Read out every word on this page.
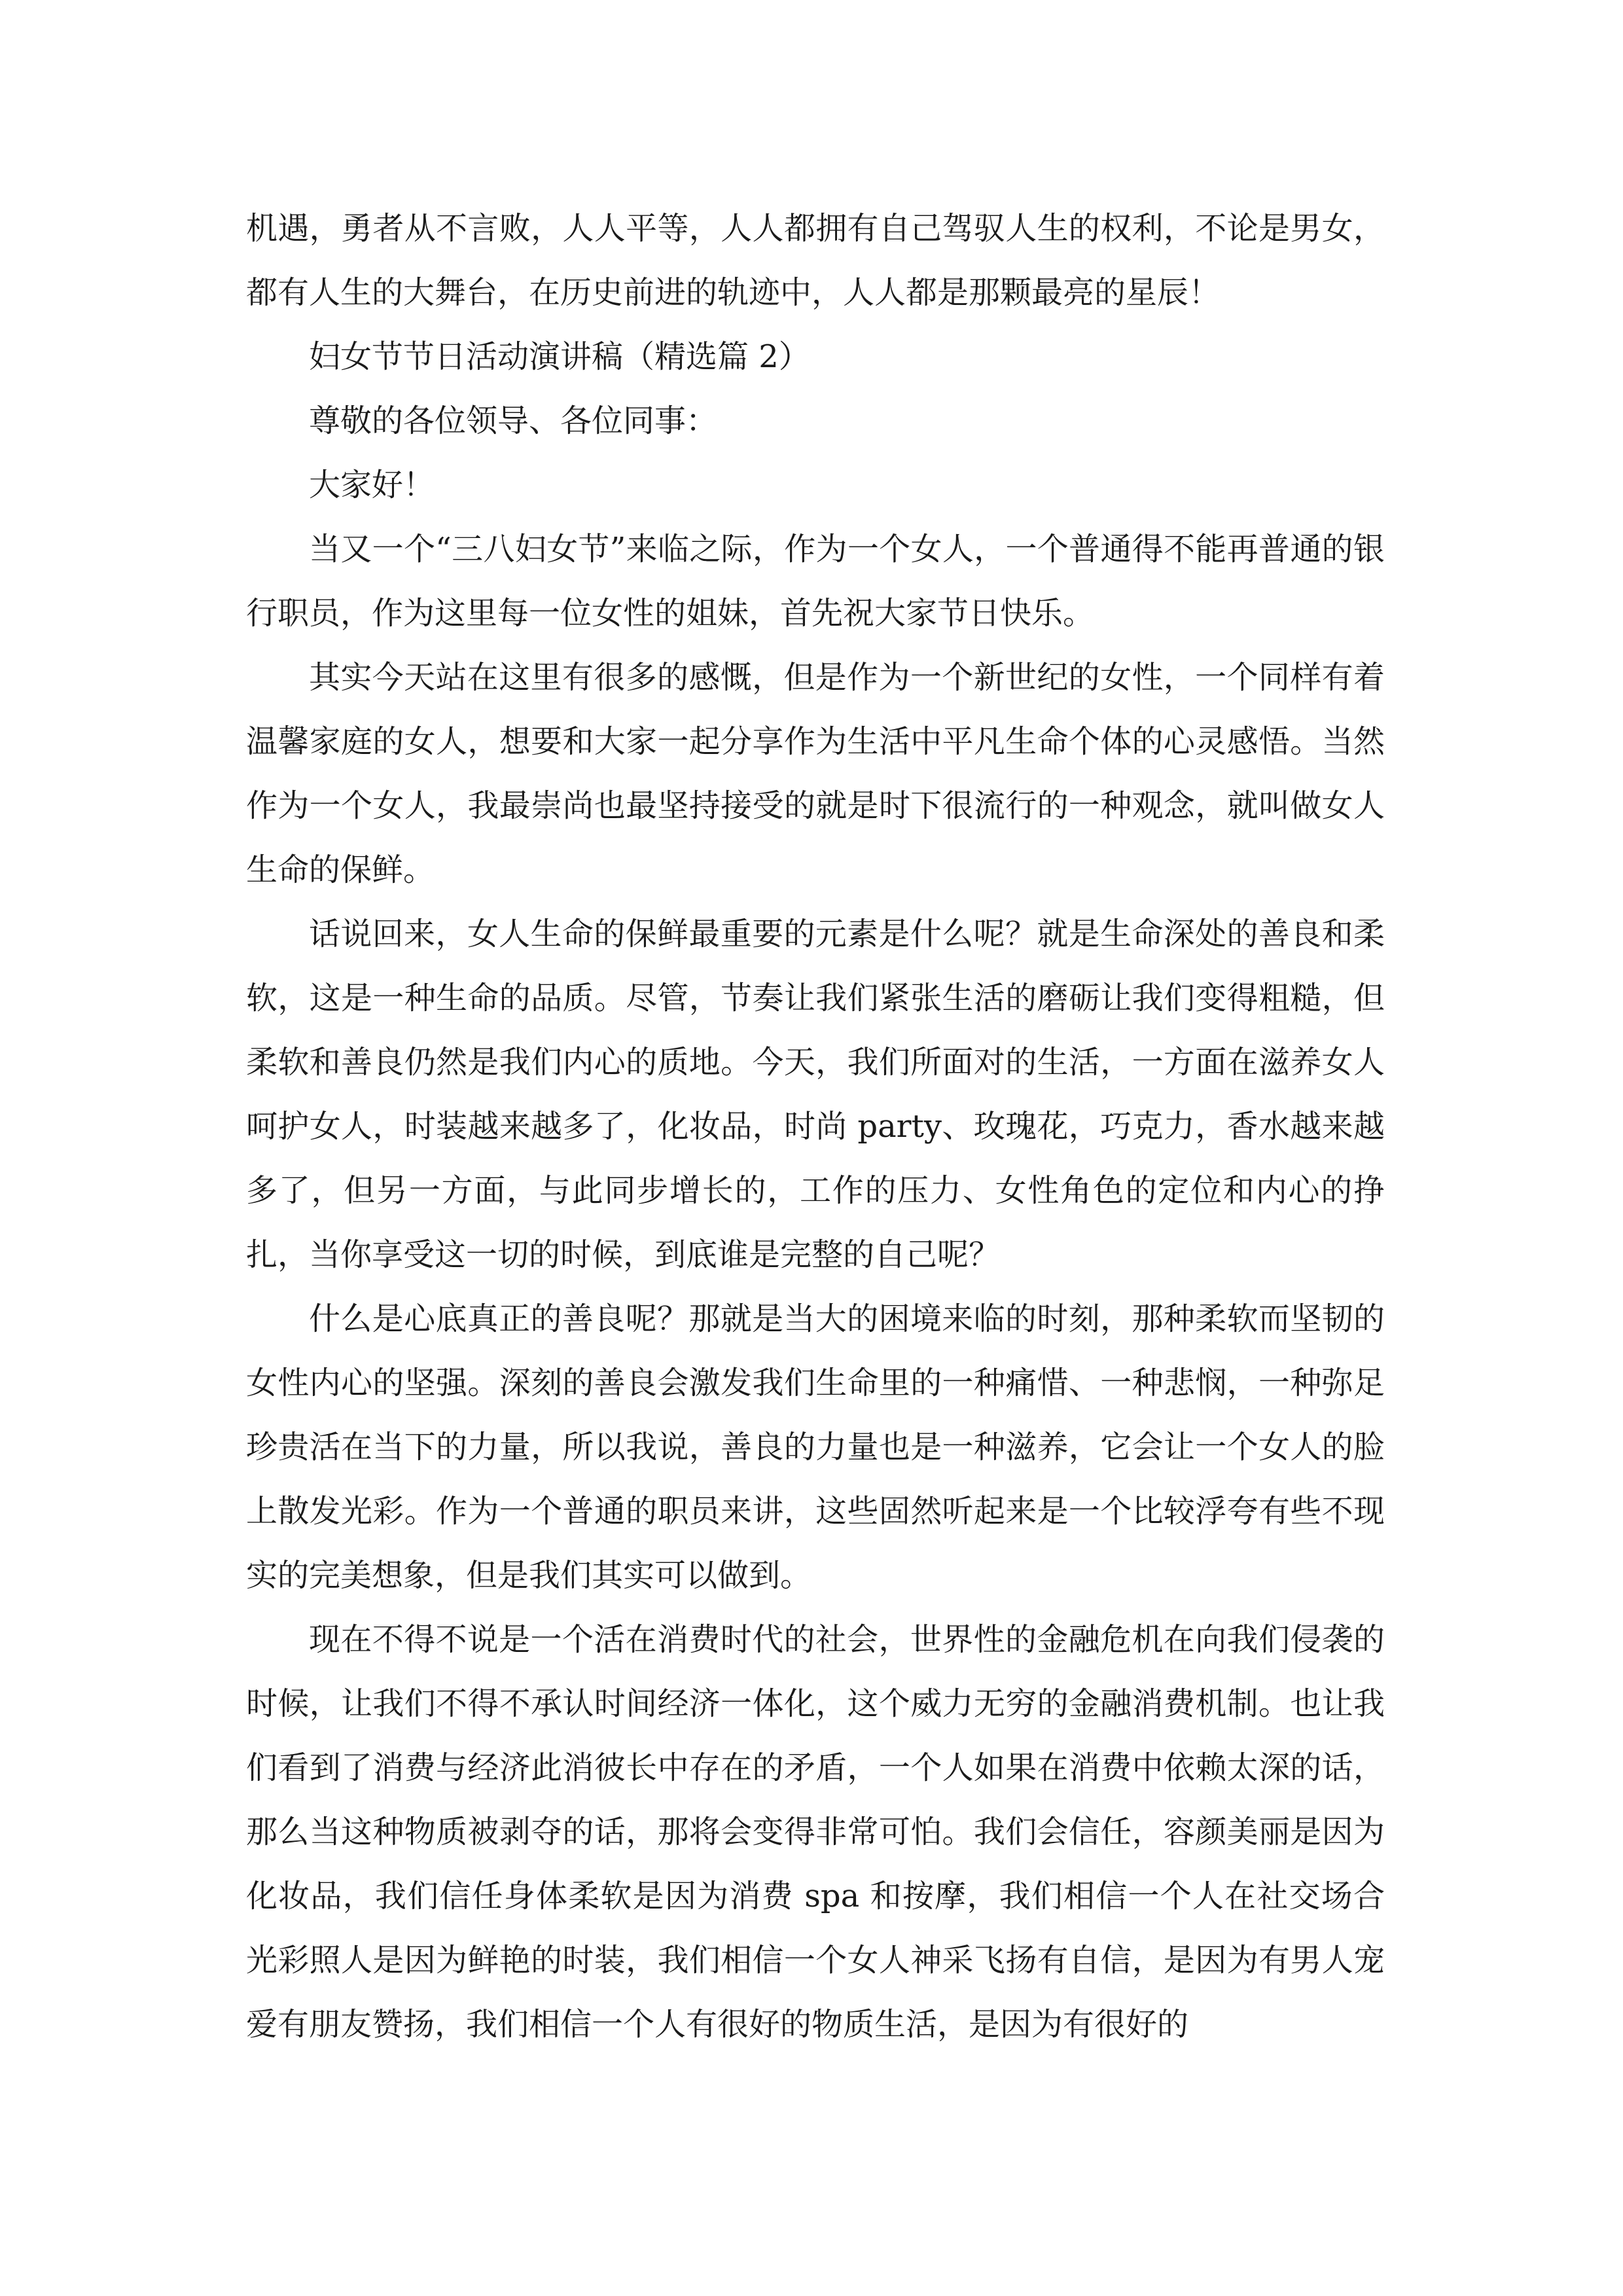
机遇，勇者从不言败，人人平等，人人都拥有自己驾驭人生的权利，不论是男女，都有人生的大舞台，在历史前进的轨迹中，人人都是那颗最亮的星辰！

妇女节节日活动演讲稿（精选篇 2）

尊敬的各位领导、各位同事：

大家好！

当又一个“三八妇女节”来临之际，作为一个女人，一个普通得不能再普通的银行职员，作为这里每一位女性的姐妹，首先祝大家节日快乐。

其实今天站在这里有很多的感慨，但是作为一个新世纪的女性，一个同样有着温馨家庭的女人，想要和大家一起分享作为生活中平凡生命个体的心灵感悟。当然作为一个女人，我最崇尚也最坚持接受的就是时下很流行的一种观念，就叫做女人生命的保鲜。

话说回来，女人生命的保鲜最重要的元素是什么呢？就是生命深处的善良和柔软，这是一种生命的品质。尽管，节奏让我们紧张生活的磨砺让我们变得粗糙，但柔软和善良仍然是我们内心的质地。今天，我们所面对的生活，一方面在滋养女人呵护女人，时装越来越多了，化妆品，时尚 party、玫瑰花，巧克力，香水越来越多了，但另一方面，与此同步增长的，工作的压力、女性角色的定位和内心的挣扎，当你享受这一切的时候，到底谁是完整的自己呢？

什么是心底真正的善良呢？那就是当大的困境来临的时刻，那种柔软而坚韧的女性内心的坚强。深刻的善良会激发我们生命里的一种痛惜、一种悲悯，一种弥足珍贵活在当下的力量，所以我说，善良的力量也是一种滋养，它会让一个女人的脸上散发光彩。作为一个普通的职员来讲，这些固然听起来是一个比较浮夸有些不现实的完美想象，但是我们其实可以做到。

现在不得不说是一个活在消费时代的社会，世界性的金融危机在向我们侵袭的时候，让我们不得不承认时间经济一体化，这个威力无穷的金融消费机制。也让我们看到了消费与经济此消彼长中存在的矛盾，一个人如果在消费中依赖太深的话，那么当这种物质被剥夺的话，那将会变得非常可怕。我们会信任，容颜美丽是因为化妆品，我们信任身体柔软是因为消费 spa 和按摩，我们相信一个人在社交场合光彩照人是因为鲜艳的时装，我们相信一个女人神采飞扬有自信，是因为有男人宠爱有朋友赞扬，我们相信一个人有很好的物质生活，是因为有很好的
